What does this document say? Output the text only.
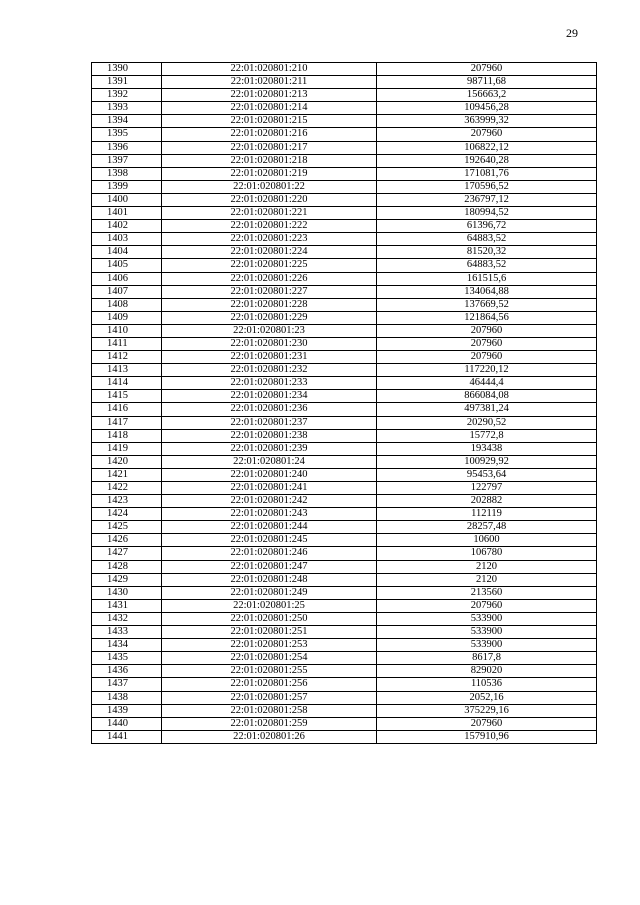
29
1390	22:01:020801:210	207960
1391	22:01:020801:211	98711,68
1392	22:01:020801:213	156663,2
1393	22:01:020801:214	109456,28
1394	22:01:020801:215	363999,32
1395	22:01:020801:216	207960
1396	22:01:020801:217	106822,12
1397	22:01:020801:218	192640,28
1398	22:01:020801:219	171081,76
1399	22:01:020801:22	170596,52
1400	22:01:020801:220	236797,12
1401	22:01:020801:221	180994,52
1402	22:01:020801:222	61396,72
1403	22:01:020801:223	64883,52
1404	22:01:020801:224	81520,32
1405	22:01:020801:225	64883,52
1406	22:01:020801:226	161515,6
1407	22:01:020801:227	134064,88
1408	22:01:020801:228	137669,52
1409	22:01:020801:229	121864,56
1410	22:01:020801:23	207960
1411	22:01:020801:230	207960
1412	22:01:020801:231	207960
1413	22:01:020801:232	117220,12
1414	22:01:020801:233	46444,4
1415	22:01:020801:234	866084,08
1416	22:01:020801:236	497381,24
1417	22:01:020801:237	20290,52
1418	22:01:020801:238	15772,8
1419	22:01:020801:239	193438
1420	22:01:020801:24	100929,92
1421	22:01:020801:240	95453,64
1422	22:01:020801:241	122797
1423	22:01:020801:242	202882
1424	22:01:020801:243	112119
1425	22:01:020801:244	28257,48
1426	22:01:020801:245	10600
1427	22:01:020801:246	106780
1428	22:01:020801:247	2120
1429	22:01:020801:248	2120
1430	22:01:020801:249	213560
1431	22:01:020801:25	207960
1432	22:01:020801:250	533900
1433	22:01:020801:251	533900
1434	22:01:020801:253	533900
1435	22:01:020801:254	8617,8
1436	22:01:020801:255	829020
1437	22:01:020801:256	110536
1438	22:01:020801:257	2052,16
1439	22:01:020801:258	375229,16
1440	22:01:020801:259	207960
1441	22:01:020801:26	157910,96
